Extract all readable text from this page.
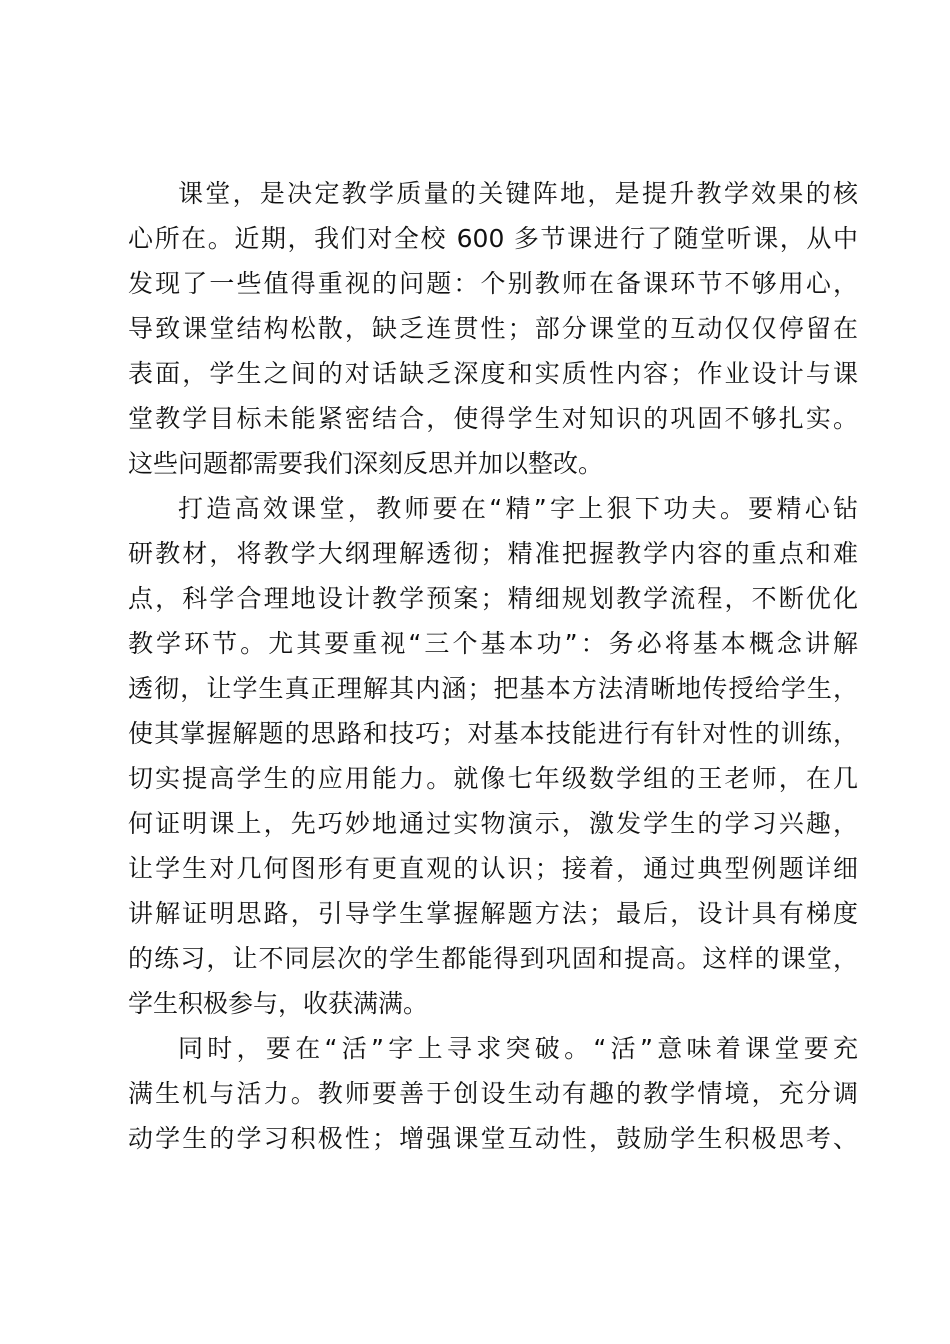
课堂，是决定教学质量的关键阵地，是提升教学效果的核
心所在。近期，我们对全校 600 多节课进行了随堂听课，从中
发现了一些值得重视的问题：个别教师在备课环节不够用心，
导致课堂结构松散，缺乏连贯性；部分课堂的互动仅仅停留在
表面，学生之间的对话缺乏深度和实质性内容；作业设计与课
堂教学目标未能紧密结合，使得学生对知识的巩固不够扎实。
这些问题都需要我们深刻反思并加以整改。
打造高效课堂，教师要在“精”字上狠下功夫。要精心钻
研教材，将教学大纲理解透彻；精准把握教学内容的重点和难
点，科学合理地设计教学预案；精细规划教学流程，不断优化
教学环节。尤其要重视“三个基本功”：务必将基本概念讲解
透彻，让学生真正理解其内涵；把基本方法清晰地传授给学生，
使其掌握解题的思路和技巧；对基本技能进行有针对性的训练，
切实提高学生的应用能力。就像七年级数学组的王老师，在几
何证明课上，先巧妙地通过实物演示，激发学生的学习兴趣，
让学生对几何图形有更直观的认识；接着，通过典型例题详细
讲解证明思路，引导学生掌握解题方法；最后，设计具有梯度
的练习，让不同层次的学生都能得到巩固和提高。这样的课堂，
学生积极参与，收获满满。
同时，要在“活”字上寻求突破。“活”意味着课堂要充
满生机与活力。教师要善于创设生动有趣的教学情境，充分调
动学生的学习积极性；增强课堂互动性，鼓励学生积极思考、
